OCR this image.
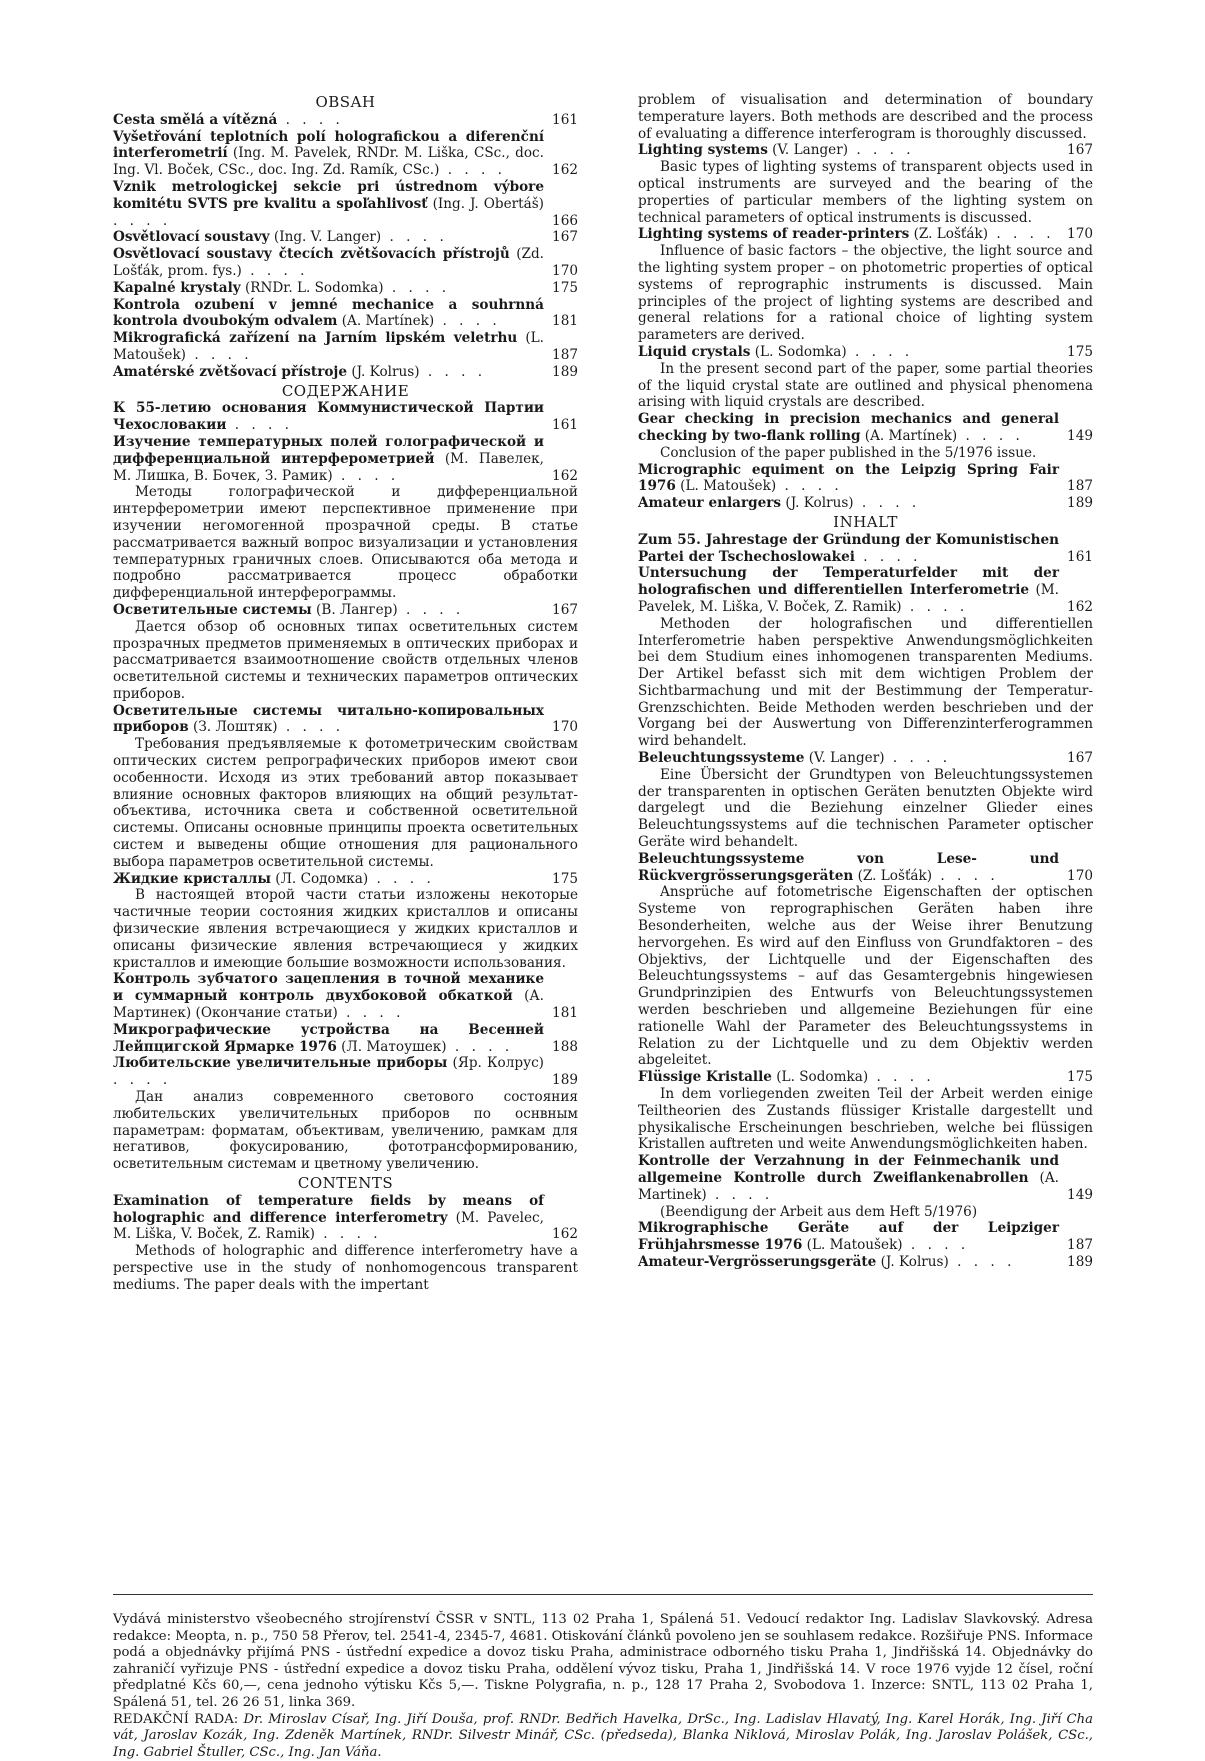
OBSAH
Cesta smělá a vítězná . . . .	161
Vyšetřování teplotních polí holografickou a diferenční interferometrií (Ing. M. Pavelek, RNDr. M. Liška, CSc., doc. Ing. Vl. Boček, CSc., doc. Ing. Zd. Ramík, CSc.) . . . .	162
Vznik metrologickej sekcie pri ústrednom výbore komitétu SVTS pre kvalitu a spoľahlivosť (Ing. J. Obertáš) . . . .	166
Osvětlovací soustavy (Ing. V. Langer) . . . .	167
Osvětlovací soustavy čtecích zvětšovacích přístrojů (Zd. Lošťák, prom. fys.) . . . .	170
Kapalné krystaly (RNDr. L. Sodomka) . . . .	175
Kontrola ozubení v jemné mechanice a souhrnná kontrola dvoubokým odvalem (A. Martínek) . . . .	181
Mikrografická zařízení na Jarním lipském veletrhu (L. Matoušek) . . . .	187
Amatérské zvětšovací přístroje (J. Kolrus) . . . .	189
СОДЕРЖАНИЕ
К 55-летию основания Коммунистической Партии Чехословакии . . . .	161
Изучение температурных полей голографической и дифференциальной интерферометрией (М. Павелек, М. Лишка, В. Бочек, З. Рамик) . . . .	162
Методы голографической и дифференциальной интерферометрии имеют перспективное применение при изучении негомогенной прозрачной среды. В статье рассматривается важный вопрос визуализации и установления температурных граничных слоев. Описываются оба метода и подробно рассматривается процесс обработки дифференциальной интерферограммы.
Осветительные системы (В. Лангер) . . . .	167
Дается обзор об основных типах осветительных систем прозрачных предметов применяемых в оптических приборах и рассматривается взаимоотношение свойств отдельных членов осветительной системы и технических параметров оптических приборов.
Осветительные системы читально-копировальных приборов (З. Лоштяк) . . . .	170
Требования предъявляемые к фотометрическим свойствам оптических систем репрографических приборов имеют свои особенности. Исходя из этих требований автор показывает влияние основных факторов влияющих на общий результат-объектива, источника света и собственной осветительной системы. Описаны основные принципы проекта осветительных систем и выведены общие отношения для рационального выбора параметров осветительной системы.
Жидкие кристаллы (Л. Содомка) . . . .	175
В настоящей второй части статьи изложены некоторые частичные теории состояния жидких кристаллов и описаны физические явления встречающиеся у жидких кристаллов и описаны физические явления встречающиеся у жидких кристаллов и имеющие большие возможности использования.
Контроль зубчатого зацепления в точной механике и суммарный контроль двухбоковой обкаткой (А. Мартинек) (Окончание статьи) . . . .	181
Микрографические устройства на Весенней Лейпцигской Ярмарке 1976 (Л. Матоушек) . . . .	188
Любительские увеличительные приборы (Яр. Колрус) . . . .	189
Дан анализ современного светового состояния любительских увеличительных приборов по оснвным параметрам: форматам, объективам, увеличению, рамкам для негативов, фокусированию, фототрансформированию, осветительным системам и цветному увеличению.
CONTENTS
Examination of temperature fields by means of holographic and difference interferometry (M. Pavelec, M. Liška, V. Boček, Z. Ramik) . . . .	162
Methods of holographic and difference interferometry have a perspective use in the study of nonhomogencous transparent mediums. The paper deals with the impertant
problem of visualisation and determination of boundary temperature layers. Both methods are described and the process of evaluating a difference interferogram is thoroughly discussed.
Lighting systems (V. Langer) . . . .	167
Basic types of lighting systems of transparent objects used in optical instruments are surveyed and the bearing of the properties of particular members of the lighting system on technical parameters of optical instruments is discussed.
Lighting systems of reader-printers (Z. Lošťák) . . . . 170
Influence of basic factors – the objective, the light source and the lighting system proper – on photometric properties of optical systems of reprographic instruments is discussed. Main principles of the project of lighting systems are described and general relations for a rational choice of lighting system parameters are derived.
Liquid crystals (L. Sodomka) . . . .	175
In the present second part of the paper, some partial theories of the liquid crystal state are outlined and physical phenomena arising with liquid crystals are described.
Gear checking in precision mechanics and general checking by two-flank rolling (A. Martínek) . . . .	149
Conclusion of the paper published in the 5/1976 issue.
Micrographic equiment on the Leipzig Spring Fair 1976 (L. Matoušek) . . . .	187
Amateur enlargers (J. Kolrus) . . . .	189
INHALT
Zum 55. Jahrestage der Gründung der Komunistischen Partei der Tschechoslowakei . . . .	161
Untersuchung der Temperaturfelder mit der holografischen und differentiellen Interferometrie (M. Pavelek, M. Liška, V. Boček, Z. Ramik) . . . .	162
Methoden der holografischen und differentiellen Interferometrie haben perspektive Anwendungsmöglichkeiten bei dem Studium eines inhomogenen transparenten Mediums. Der Artikel befasst sich mit dem wichtigen Problem der Sichtbarmachung und mit der Bestimmung der Temperatur-Grenzschichten. Beide Methoden werden beschrieben und der Vorgang bei der Auswertung von Differenzinterferogrammen wird behandelt.
Beleuchtungssysteme (V. Langer) . . . .	167
Eine Übersicht der Grundtypen von Beleuchtungssystemen der transparenten in optischen Geräten benutzten Objekte wird dargelegt und die Beziehung einzelner Glieder eines Beleuchtungssystems auf die technischen Parameter optischer Geräte wird behandelt.
Beleuchtungssysteme von Lese- und Rückvergrösserungsgeräten (Z. Lošťák) . . . .	170
Ansprüche auf fotometrische Eigenschaften der optischen Systeme von reprographischen Geräten haben ihre Besonderheiten, welche aus der Weise ihrer Benutzung hervorgehen. Es wird auf den Einfluss von Grundfaktoren – des Objektivs, der Lichtquelle und der Eigenschaften des Beleuchtungssystems – auf das Gesamtergebnis hingewiesen Grundprinzipien des Entwurfs von Beleuchtungssystemen werden beschrieben und allgemeine Beziehungen für eine rationelle Wahl der Parameter des Beleuchtungssystems in Relation zu der Lichtquelle und zu dem Objektiv werden abgeleitet.
Flüssige Kristalle (L. Sodomka) . . . .	175
In dem vorliegenden zweiten Teil der Arbeit werden einige Teiltheorien des Zustands flüssiger Kristalle dargestellt und physikalische Erscheinungen beschrieben, welche bei flüssigen Kristallen auftreten und weite Anwendungsmöglichkeiten haben.
Kontrolle der Verzahnung in der Feinmechanik und allgemeine Kontrolle durch Zweiflankenabrollen (A. Martinek) . . . .	149
(Beendigung der Arbeit aus dem Heft 5/1976)
Mikrographische Geräte auf der Leipziger Frühjahrsmesse 1976 (L. Matoušek) . . . .	187
Amateur-Vergrösserungsgeräte (J. Kolrus) . . . .	189
Vydává ministerstvo všeobecného strojírenství ČSSR v SNTL, 113 02 Praha 1, Spálená 51. Vedoucí redaktor Ing. Ladislav Slavkovský. Adresa redakce: Meopta, n. p., 750 58 Přerov, tel. 2541-4, 2345-7, 4681. Otiskování článků povoleno jen se souhlasem redakce. Rozšiřuje PNS. Informace podá a objednávky přijímá PNS - ústřední expedice a dovoz tisku Praha, administrace odborného tisku Praha 1, Jindřišská 14. Objednávky do zahraničí vyřizuje PNS - ústřední expedice a dovoz tisku Praha, oddělení vývoz tisku, Praha 1, Jindřišská 14. V roce 1976 vyjde 12 čísel, roční předplatné Kčs 60,—, cena jednoho výtisku Kčs 5,—. Tiskne Polygrafia, n. p., 128 17 Praha 2, Svobodova 1. Inzerce: SNTL, 113 02 Praha 1, Spálená 51, tel. 26 26 51, linka 369.
REDAKČNÍ RADA: Dr. Miroslav Císař, Ing. Jiří Douša, prof. RNDr. Bedřich Havelka, DrSc., Ing. Ladislav Hlavatý, Ing. Karel Horák, Ing. Jiří Cha vát, Jaroslav Kozák, Ing. Zdeněk Martínek, RNDr. Silvestr Minář, CSc. (předseda), Blanka Niklová, Miroslav Polák, Ing. Jaroslav Polášek, CSc., Ing. Gabriel Štuller, CSc., Ing. Jan Váňa.
